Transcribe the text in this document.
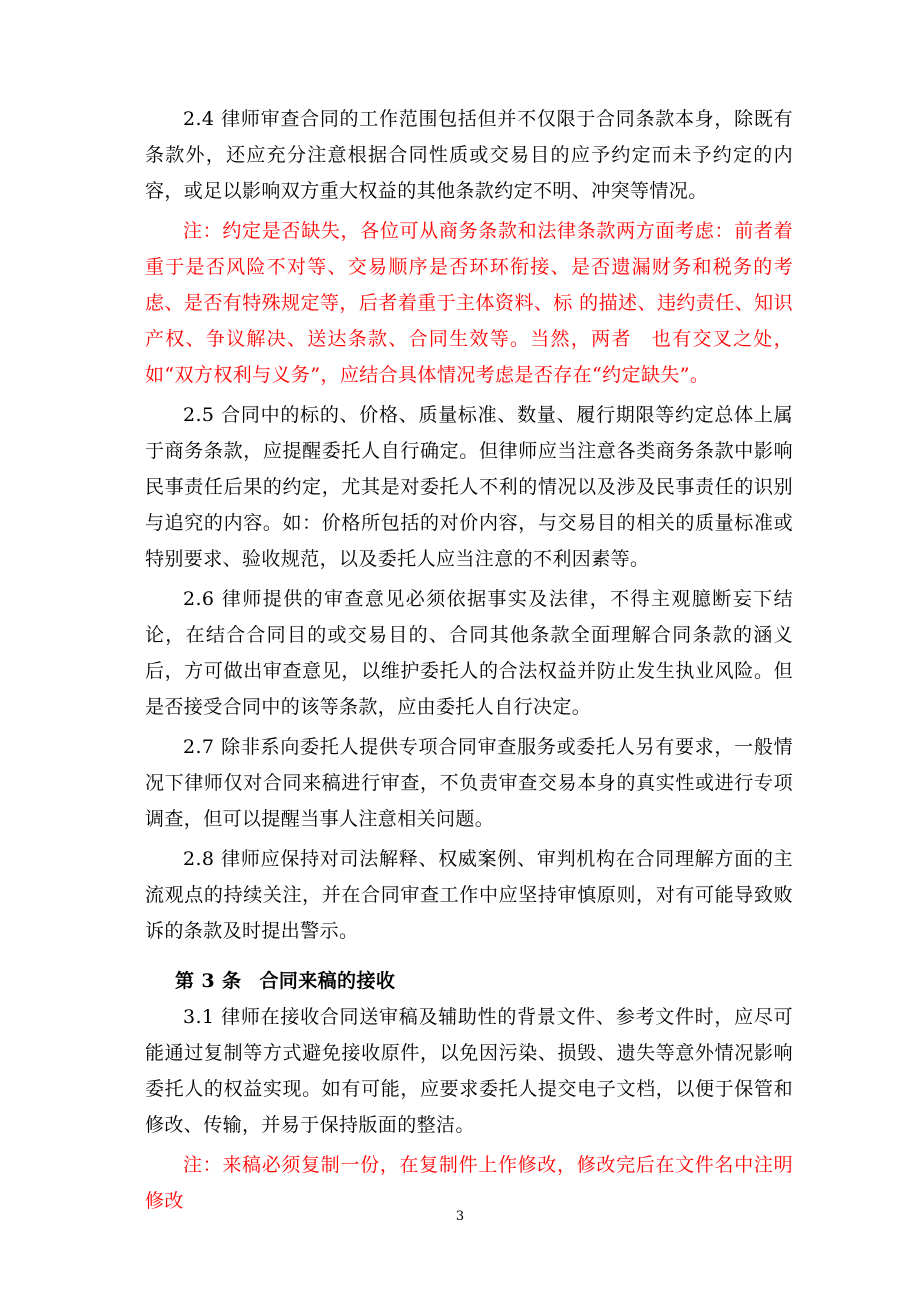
2.4 律师审查合同的工作范围包括但并不仅限于合同条款本身，除既有条款外，还应充分注意根据合同性质或交易目的应予约定而未予约定的内容，或足以影响双方重大权益的其他条款约定不明、冲突等情况。

注：约定是否缺失，各位可从商务条款和法律条款两方面考虑：前者着重于是否风险不对等、交易顺序是否环环衔接、是否遗漏财务和税务的考虑、是否有特殊规定等，后者着重于主体资料、标 的描述、违约责任、知识产权、争议解决、送达条款、合同生效等。当然，两者　也有交叉之处，如“双方权利与义务”，应结合具体情况考虑是否存在“约定缺失”。

2.5 合同中的标的、价格、质量标准、数量、履行期限等约定总体上属于商务条款，应提醒委托人自行确定。但律师应当注意各类商务条款中影响民事责任后果的约定，尤其是对委托人不利的情况以及涉及民事责任的识别与追究的内容。如：价格所包括的对价内容，与交易目的相关的质量标准或特别要求、验收规范，以及委托人应当注意的不利因素等。

2.6 律师提供的审查意见必须依据事实及法律，不得主观臆断妄下结论，在结合合同目的或交易目的、合同其他条款全面理解合同条款的涵义后，方可做出审查意见，以维护委托人的合法权益并防止发生执业风险。但是否接受合同中的该等条款，应由委托人自行决定。

2.7 除非系向委托人提供专项合同审查服务或委托人另有要求，一般情况下律师仅对合同来稿进行审查，不负责审查交易本身的真实性或进行专项调查，但可以提醒当事人注意相关问题。

2.8 律师应保持对司法解释、权威案例、审判机构在合同理解方面的主流观点的持续关注，并在合同审查工作中应坚持审慎原则，对有可能导致败诉的条款及时提出警示。

第 3 条 合同来稿的接收

3.1 律师在接收合同送审稿及辅助性的背景文件、参考文件时，应尽可能通过复制等方式避免接收原件，以免因污染、损毁、遗失等意外情况影响委托人的权益实现。如有可能，应要求委托人提交电子文档，以便于保管和修改、传输，并易于保持版面的整洁。

注：来稿必须复制一份，在复制件上作修改，修改完后在文件名中注明修改

3
